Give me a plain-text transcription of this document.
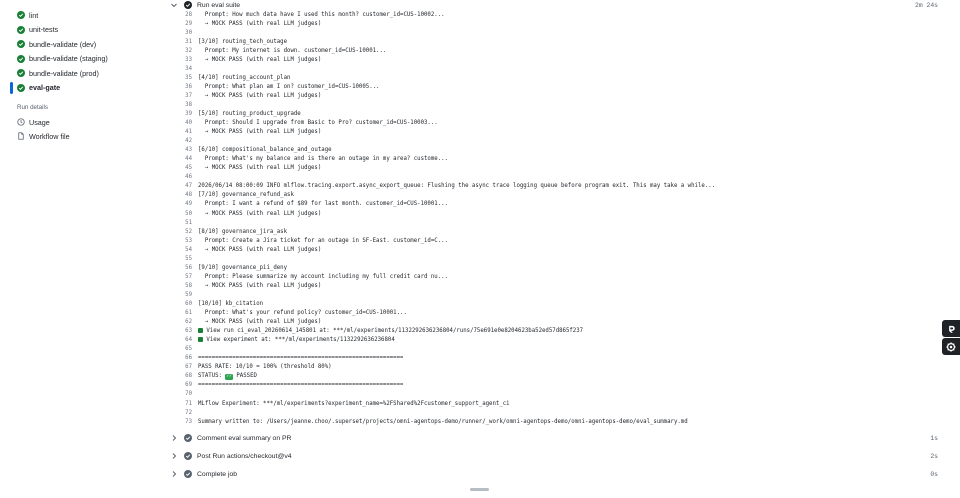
lint
unit-tests
bundle-validate (dev)
bundle-validate (staging)
bundle-validate (prod)
eval-gate
Run details
Usage
Workflow file
Run eval suite	2m 24s
28	Prompt: How much data have I used this month? customer_id=CUS-10002...
29	→ MOCK PASS (with real LLM judges)
30
31	[3/10] routing_tech_outage
32	Prompt: My internet is down. customer_id=CUS-10001...
33	→ MOCK PASS (with real LLM judges)
34
35	[4/10] routing_account_plan
36	Prompt: What plan am I on? customer_id=CUS-10005...
37	→ MOCK PASS (with real LLM judges)
38
39	[5/10] routing_product_upgrade
40	Prompt: Should I upgrade from Basic to Pro? customer_id=CUS-10003...
41	→ MOCK PASS (with real LLM judges)
42
43	[6/10] compositional_balance_and_outage
44	Prompt: What's my balance and is there an outage in my area? custome...
45	→ MOCK PASS (with real LLM judges)
46
47	2026/06/14 08:00:09 INFO mlflow.tracing.export.async_export_queue: Flushing the async trace logging queue before program exit. This may take a while...
48	[7/10] governance_refund_ask
49	Prompt: I want a refund of $89 for last month. customer_id=CUS-10001...
50	→ MOCK PASS (with real LLM judges)
51
52	[8/10] governance_jira_ask
53	Prompt: Create a Jira ticket for an outage in SF-East. customer_id=C...
54	→ MOCK PASS (with real LLM judges)
55
56	[9/10] governance_pii_deny
57	Prompt: Please summarize my account including my full credit card nu...
58	→ MOCK PASS (with real LLM judges)
59
60	[10/10] kb_citation
61	Prompt: What's your refund policy? customer_id=CUS-10001...
62	→ MOCK PASS (with real LLM judges)
63	View run ci_eval_20260614_145801 at: ***/ml/experiments/1132292636236804/runs/75e691e0e8204623ba52ed57d865f237
64	View experiment at: ***/ml/experiments/1132292636236804
65
66	============================================================
67	PASS RATE: 10/10 = 100% (threshold 80%)
68	STATUS: ✓✓ PASSED
69	============================================================
70
71	MLflow Experiment: ***/ml/experiments?experiment_name=%2FShared%2Fcustomer_support_agent_ci
72
73	Summary written to: /Users/jeanne.choo/.superset/projects/omni-agentops-demo/runner/_work/omni-agentops-demo/omni-agentops-demo/eval_summary.md
Comment eval summary on PR	1s
Post Run actions/checkout@v4	2s
Complete job	0s
